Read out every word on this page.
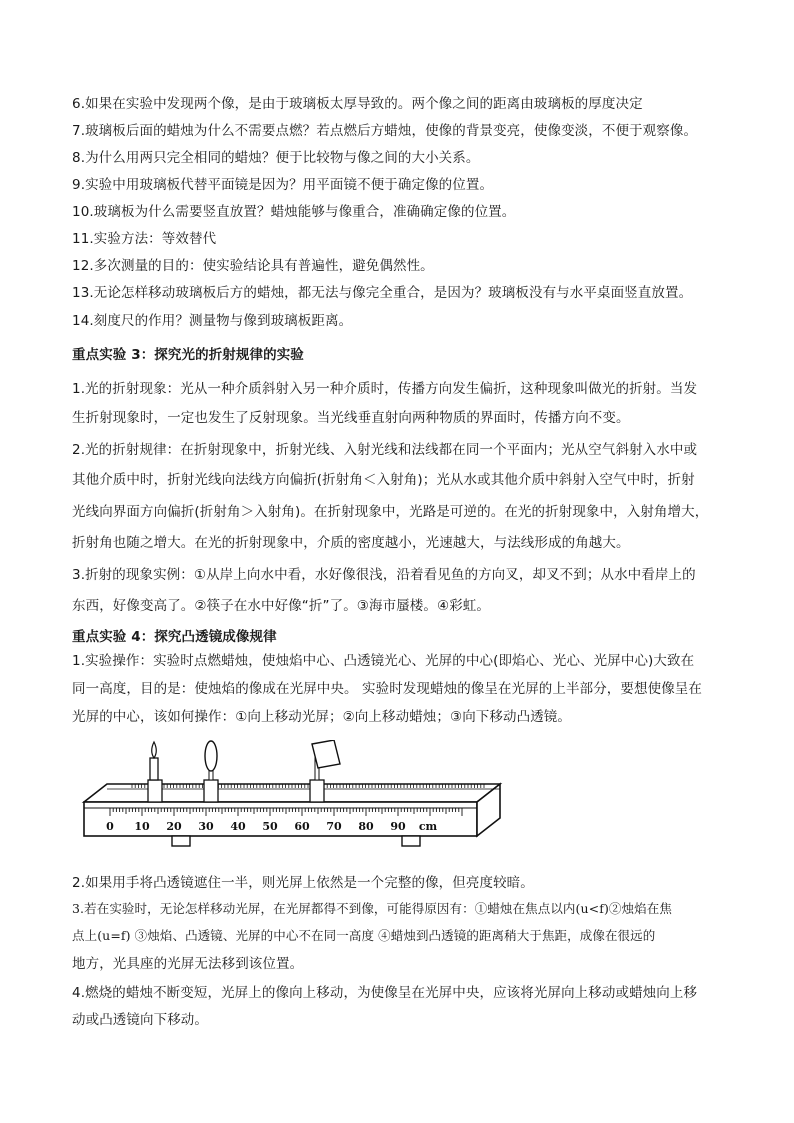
6.如果在实验中发现两个像，是由于玻璃板太厚导致的。两个像之间的距离由玻璃板的厚度决定
7.玻璃板后面的蜡烛为什么不需要点燃？若点燃后方蜡烛，使像的背景变亮，使像变淡，不便于观察像。
8.为什么用两只完全相同的蜡烛？便于比较物与像之间的大小关系。
9.实验中用玻璃板代替平面镜是因为？用平面镜不便于确定像的位置。
10.玻璃板为什么需要竖直放置？蜡烛能够与像重合，准确确定像的位置。
11.实验方法：等效替代
12.多次测量的目的：使实验结论具有普遍性，避免偶然性。
13.无论怎样移动玻璃板后方的蜡烛，都无法与像完全重合，是因为？玻璃板没有与水平桌面竖直放置。
14.刻度尺的作用？测量物与像到玻璃板距离。
重点实验 3：探究光的折射规律的实验
1.光的折射现象：光从一种介质斜射入另一种介质时，传播方向发生偏折，这种现象叫做光的折射。当发
生折射现象时，一定也发生了反射现象。当光线垂直射向两种物质的界面时，传播方向不变。
2.光的折射规律：在折射现象中，折射光线、入射光线和法线都在同一个平面内；光从空气斜射入水中或
其他介质中时，折射光线向法线方向偏折(折射角＜入射角)；光从水或其他介质中斜射入空气中时，折射
光线向界面方向偏折(折射角＞入射角)。在折射现象中，光路是可逆的。在光的折射现象中，入射角增大，
折射角也随之增大。在光的折射现象中，介质的密度越小，光速越大，与法线形成的角越大。
3.折射的现象实例：①从岸上向水中看，水好像很浅，沿着看见鱼的方向叉，却叉不到；从水中看岸上的
东西，好像变高了。②筷子在水中好像“折”了。③海市蜃楼。④彩虹。
重点实验 4：探究凸透镜成像规律
1.实验操作：实验时点燃蜡烛，使烛焰中心、凸透镜光心、光屏的中心(即焰心、光心、光屏中心)大致在
同一高度，目的是：使烛焰的像成在光屏中央。 实验时发现蜡烛的像呈在光屏的上半部分，要想使像呈在
光屏的中心，该如何操作：①向上移动光屏；②向上移动蜡烛；③向下移动凸透镜。
0 10 20 30 40 50 60 70 80 90 cm
2.如果用手将凸透镜遮住一半，则光屏上依然是一个完整的像，但亮度较暗。
3.若在实验时，无论怎样移动光屏，在光屏都得不到像，可能得原因有：①蜡烛在焦点以内(u<f)②烛焰在焦
点上(u=f) ③烛焰、凸透镜、光屏的中心不在同一高度 ④蜡烛到凸透镜的距离稍大于焦距，成像在很远的
地方，光具座的光屏无法移到该位置。
4.燃烧的蜡烛不断变短，光屏上的像向上移动，为使像呈在光屏中央，应该将光屏向上移动或蜡烛向上移
动或凸透镜向下移动。
